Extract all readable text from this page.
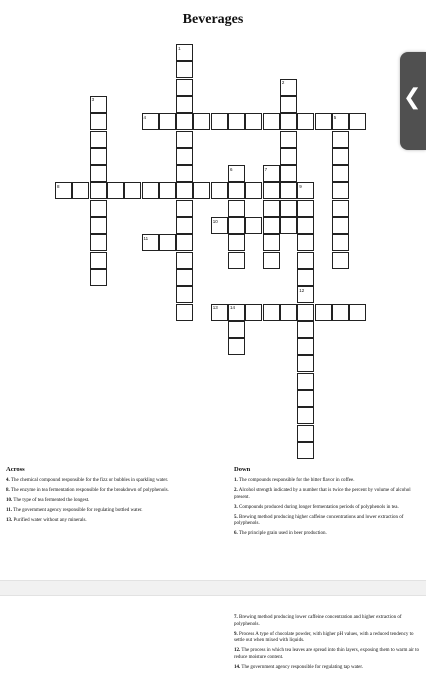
Beverages
1
2
3
4	5
6	7
8	9
10
11
12
13	14
❮
Across
4. The chemical compound responsible for the fizz or bubbles in sparkling water.
8. The enzyme in tea fermentation responsible for the breakdown of polyphenols.
10. The type of tea fermented the longest.
11. The government agency responsible for regulating bottled water.
13. Purified water without any minerals.
Down
1. The compounds responsible for the bitter flavor in coffee.
2. Alcohol strength indicated by a number that is twice the percent by volume of alcohol present.
3. Compounds produced during longer fermentation periods of polyphenols in tea.
5. Brewing method producing higher caffeine concentrations and lower extraction of polyphenols.
6. The principle grain used in beer production.
7. Brewing method producing lower caffeine concentration and higher extraction of polyphenols.
9. Process A type of chocolate powder, with higher pH values, with a reduced tendency to settle out when mixed with liquids.
12. The process in which tea leaves are spread into thin layers, exposing them to warm air to reduce moisture content.
14. The government agency responsible for regulating tap water.
